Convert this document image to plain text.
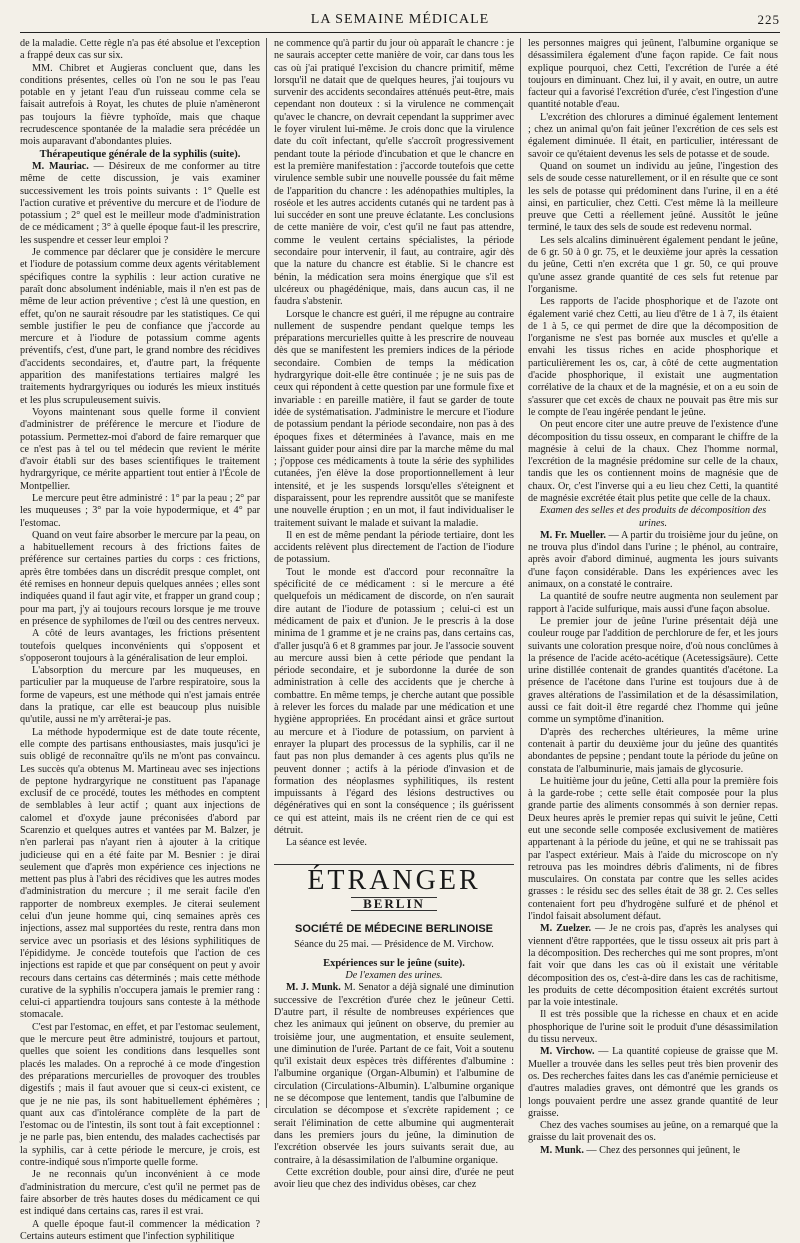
LA SEMAINE MÉDICALE	225

de la maladie. Cette règle n'a pas été absolue et l'exception a frappé deux cas sur six.

MM. Chibret et Augieras concluent que, dans les conditions présentes, celles où l'on ne sou le pas l'eau potable en y jetant l'eau d'un ruisseau comme cela se faisait autrefois à Royat, les chutes de pluie n'amèneront pas toujours la fièvre typhoïde, mais que chaque recrudescence spontanée de la maladie sera précédée un mois auparavant d'abondantes pluies.

Thérapeutique générale de la syphilis (suite).

M. Mauriac. — Désireux de me conformer au titre même de cette discussion, je vais examiner successivement les trois points suivants : 1° Quelle est l'action curative et préventive du mercure et de l'iodure de potassium ; 2° quel est le meilleur mode d'administration de ce médicament ; 3° à quelle époque faut-il les prescrire, les suspendre et cesser leur emploi ?

Je commence par déclarer que je considère le mercure et l'iodure de potassium comme deux agents véritablement spécifiques contre la syphilis : leur action curative ne paraît donc absolument indéniable, mais il n'en est pas de même de leur action préventive ; c'est là une question, en effet, qu'on ne saurait résoudre par les statistiques. Ce qui semble justifier le peu de confiance que j'accorde au mercure et à l'iodure de potassium comme agents préventifs, c'est, d'une part, le grand nombre des récidives d'accidents secondaires, et, d'autre part, la fréquente apparition des manifestations tertiaires malgré les traitements hydrargyriques ou iodurés les mieux institués et les plus scrupuleusement suivis.

Voyons maintenant sous quelle forme il convient d'administrer de préférence le mercure et l'iodure de potassium. Permettez-moi d'abord de faire remarquer que ce n'est pas à tel ou tel médecin que revient le mérite d'avoir établi sur des bases scientifiques le traitement hydrargyrique, ce mérite appartient tout entier à l'École de Montpellier.

Le mercure peut être administré : 1° par la peau ; 2° par les muqueuses ; 3° par la voie hypodermique, et 4° par l'estomac.

Quand on veut faire absorber le mercure par la peau, on a habituellement recours à des frictions faites de préférence sur certaines parties du corps : ces frictions, après être tombées dans un discrédit presque complet, ont été remises en honneur depuis quelques années ; elles sont indiquées quand il faut agir vite, et frapper un grand coup ; pour ma part, j'y ai toujours recours lorsque je me trouve en présence de syphilomes de l'œil ou des centres nerveux.

A côté de leurs avantages, les frictions présentent toutefois quelques inconvénients qui s'opposent et s'opposeront toujours à la généralisation de leur emploi.

L'absorption du mercure par les muqueuses, en particulier par la muqueuse de l'arbre respiratoire, sous la forme de vapeurs, est une méthode qui n'est jamais entrée dans la pratique, car elle est beaucoup plus nuisible qu'utile, aussi ne m'y arrêterai-je pas.

La méthode hypodermique est de date toute récente, elle compte des partisans enthousiastes, mais jusqu'ici je suis obligé de reconnaître qu'ils ne m'ont pas convaincu. Les succès qu'a obtenus M. Martineau avec ses injections de peptone hydrargyrique ne constituent pas l'apanage exclusif de ce procédé, toutes les méthodes en comptent de semblables à leur actif ; quant aux injections de calomel et d'oxyde jaune préconisées d'abord par Scarenzio et quelques autres et vantées par M. Balzer, je n'en parlerai pas n'ayant rien à ajouter à la critique judicieuse qui en a été faite par M. Besnier : je dirai seulement que d'après mon expérience ces injections ne mettent pas plus à l'abri des récidives que les autres modes d'administration du mercure ; il me serait facile d'en rapporter de nombreux exemples. Je citerai seulement celui d'un jeune homme qui, cinq semaines après ces injections, assez mal supportées du reste, rentra dans mon service avec un psoriasis et des lésions syphilitiques de l'épididyme. Je concède toutefois que l'action de ces injections est rapide et que par conséquent on peut y avoir recours dans certains cas déterminés ; mais cette méthode curative de la syphilis n'occupera jamais le premier rang : celui-ci appartiendra toujours sans conteste à la méthode stomacale.

C'est par l'estomac, en effet, et par l'estomac seulement, que le mercure peut être administré, toujours et partout, quelles que soient les conditions dans lesquelles sont placés les malades. On a reproché à ce mode d'ingestion des préparations mercurielles de provoquer des troubles digestifs ; mais il faut avouer que si ceux-ci existent, ce que je ne nie pas, ils sont habituellement éphémères ; quant aux cas d'intolérance complète de la part de l'estomac ou de l'intestin, ils sont tout à fait exceptionnel : je ne parle pas, bien entendu, des malades cachectisés par la syphilis, car à cette période le mercure, je crois, est contre-indiqué sous n'importe quelle forme.

Je ne reconnais qu'un inconvénient à ce mode d'administration du mercure, c'est qu'il ne permet pas de faire absorber de très hautes doses du médicament ce qui est indiqué dans certains cas, rares il est vrai.

A quelle époque faut-il commencer la médication ? Certains auteurs estiment que l'infection syphilitique

ne commence qu'à partir du jour où apparaît le chancre : je ne saurais accepter cette manière de voir, car dans tous les cas où j'ai pratiqué l'excision du chancre primitif, même lorsqu'il ne datait que de quelques heures, j'ai toujours vu survenir des accidents secondaires atténués peut-être, mais cependant non douteux : si la virulence ne commençait qu'avec le chancre, on devrait cependant la supprimer avec le foyer virulent lui-même. Je crois donc que la virulence date du coït infectant, qu'elle s'accroît progressivement pendant toute la période d'incubation et que le chancre en est la première manifestation : j'accorde toutefois que cette virulence semble subir une nouvelle poussée du fait même de l'apparition du chancre : les adénopathies multiples, la roséole et les autres accidents cutanés qui ne tardent pas à lui succéder en sont une preuve éclatante. Les conclusions de cette manière de voir, c'est qu'il ne faut pas attendre, comme le veulent certains spécialistes, la période secondaire pour intervenir, il faut, au contraire, agir dès que la nature du chancre est établie. Si le chancre est bénin, la médication sera moins énergique que s'il est ulcéreux ou phagédénique, mais, dans aucun cas, il ne faudra s'abstenir.

Lorsque le chancre est guéri, il me répugne au contraire nullement de suspendre pendant quelque temps les préparations mercurielles quitte à les prescrire de nouveau dès que se manifestent les premiers indices de la période secondaire. Combien de temps la médication hydrargyrique doit-elle être continuée ; je ne suis pas de ceux qui répondent à cette question par une formule fixe et invariable : en pareille matière, il faut se garder de toute idée de systématisation. J'administre le mercure et l'iodure de potassium pendant la période secondaire, non pas à des époques fixes et déterminées à l'avance, mais en me laissant guider pour ainsi dire par la marche même du mal ; j'oppose ces médicaments à toute la série des syphilides cutanées, j'en élève la dose proportionnellement à leur intensité, et je les suspends lorsqu'elles s'éteignent et disparaissent, pour les reprendre aussitôt que se manifeste une nouvelle éruption ; en un mot, il faut individualiser le traitement suivant le malade et suivant la maladie.

Il en est de même pendant la période tertiaire, dont les accidents relèvent plus directement de l'action de l'iodure de potassium.

Tout le monde est d'accord pour reconnaître la spécificité de ce médicament : si le mercure a été quelquefois un médicament de discorde, on n'en saurait dire autant de l'iodure de potassium ; celui-ci est un médicament de paix et d'union. Je le prescris à la dose minima de 1 gramme et je ne crains pas, dans certains cas, d'aller jusqu'à 6 et 8 grammes par jour. Je l'associe souvent au mercure aussi bien à cette période que pendant la période secondaire, et je subordonne la durée de son administration à celle des accidents que je cherche à combattre. En même temps, je cherche autant que possible à relever les forces du malade par une médication et une hygiène appropriées. En procédant ainsi et grâce surtout au mercure et à l'iodure de potassium, on parvient à enrayer la plupart des processus de la syphilis, car il ne faut pas non plus demander à ces agents plus qu'ils ne peuvent donner ; actifs à la période d'invasion et de formation des néoplasmes syphilitiques, ils restent impuissants à l'égard des lésions destructives ou dégénératives qui en sont la conséquence ; ils guérissent ce qui est atteint, mais ils ne créent rien de ce qui est détruit.

La séance est levée.

ÉTRANGER
BERLIN
SOCIÉTÉ DE MÉDECINE BERLINOISE
Séance du 25 mai. — Présidence de M. Virchow.

Expériences sur le jeûne (suite).

De l'examen des urines.

M. J. Munk. M. Senator a déjà signalé une diminution successive de l'excrétion d'urée chez le jeûneur Cetti. D'autre part, il résulte de nombreuses expériences que chez les animaux qui jeûnent on observe, du premier au troisième jour, une augmentation, et ensuite seulement, une diminution de l'urée. Partant de ce fait, Voit a soutenu qu'il existait deux espèces très différentes d'albumine : l'albumine organique (Organ-Albumin) et l'albumine de circulation (Circulations-Albumin). L'albumine organique ne se décompose que lentement, tandis que l'albumine de circulation se décompose et s'excrète rapidement ; ce serait l'élimination de cette albumine qui augmenterait dans les premiers jours du jeûne, la diminution de l'excrétion observée les jours suivants serait due, au contraire, à la désassimilation de l'albumine organique.

Cette excrétion double, pour ainsi dire, d'urée ne peut avoir lieu que chez des individus obèses, car chez

les personnes maigres qui jeûnent, l'albumine organique se désassimilera également d'une façon rapide. Ce fait nous explique pourquoi, chez Cetti, l'excrétion de l'urée a été toujours en diminuant. Chez lui, il y avait, en outre, un autre facteur qui a favorisé l'excrétion d'urée, c'est l'ingestion d'une quantité notable d'eau.

L'excrétion des chlorures a diminué également lentement ; chez un animal qu'on fait jeûner l'excrétion de ces sels est également diminuée. Il était, en particulier, intéressant de savoir ce qu'étaient devenus les sels de potasse et de soude.

Quand on soumet un individu au jeûne, l'ingestion des sels de soude cesse naturellement, or il en résulte que ce sont les sels de potasse qui prédominent dans l'urine, il en a été ainsi, en particulier, chez Cetti. C'est même là la meilleure preuve que Cetti a réellement jeûné. Aussitôt le jeûne terminé, le taux des sels de soude est redevenu normal.

Les sels alcalins diminuèrent également pendant le jeûne, de 6 gr. 50 à 0 gr. 75, et le deuxième jour après la cessation du jeûne, Cetti n'en excréta que 1 gr. 50, ce qui prouve qu'une assez grande quantité de ces sels fut retenue par l'organisme.

Les rapports de l'acide phosphorique et de l'azote ont également varié chez Cetti, au lieu d'être de 1 à 7, ils étaient de 1 à 5, ce qui permet de dire que la décomposition de l'organisme ne s'est pas bornée aux muscles et qu'elle a envahi les tissus riches en acide phosphorique et particulièrement les os, car, à côté de cette augmentation d'acide phosphorique, il existait une augmentation corrélative de la chaux et de la magnésie, et on a eu soin de s'assurer que cet excès de chaux ne pouvait pas être mis sur le compte de l'eau ingérée pendant le jeûne.

On peut encore citer une autre preuve de l'existence d'une décomposition du tissu osseux, en comparant le chiffre de la magnésie à celui de la chaux. Chez l'homme normal, l'excrétion de la magnésie prédomine sur celle de la chaux, tandis que les os contiennent moins de magnésie que de chaux. Or, c'est l'inverse qui a eu lieu chez Cetti, la quantité de magnésie excrétée était plus petite que celle de la chaux.

Examen des selles et des produits de décomposition des urines.

M. Fr. Mueller. — A partir du troisième jour du jeûne, on ne trouva plus d'indol dans l'urine ; le phénol, au contraire, après avoir d'abord diminué, augmenta les jours suivants d'une façon considérable. Dans les expériences avec les animaux, on a constaté le contraire.

La quantité de soufre neutre augmenta non seulement par rapport à l'acide sulfurique, mais aussi d'une façon absolue.

Le premier jour de jeûne l'urine présentait déjà une couleur rouge par l'addition de perchlorure de fer, et les jours suivants une coloration presque noire, d'où nous conclûmes à la présence de l'acide acéto-acétique (Acetessigsäure). Cette urine distillée contenait de grandes quantités d'acétone. La présence de l'acétone dans l'urine est toujours due à de graves altérations de l'assimilation et de la désassimilation, aussi ce fait doit-il être regardé chez l'homme qui jeûne comme un symptôme d'inanition.

D'après des recherches ultérieures, la même urine contenait à partir du deuxième jour du jeûne des quantités abondantes de pepsine ; pendant toute la période du jeûne on constata de l'albuminurie, mais jamais de glycosurie.

Le huitième jour du jeûne, Cetti alla pour la première fois à la garde-robe ; cette selle était composée pour la plus grande partie des aliments consommés à son dernier repas. Deux heures après le premier repas qui suivit le jeûne, Cetti eut une seconde selle composée exclusivement de matières appartenant à la période du jeûne, et qui ne se trahissait pas par l'aspect extérieur. Mais à l'aide du microscope on n'y retrouva pas les moindres débris d'aliments, ni de fibres musculaires. On constata par contre que les selles acides grasses : le résidu sec des selles était de 38 gr. 2. Ces selles contenaient fort peu d'hydrogène sulfuré et de phénol et l'indol faisait absolument défaut.

M. Zuelzer. — Je ne crois pas, d'après les analyses qui viennent d'être rapportées, que le tissu osseux ait pris part à la décomposition. Des recherches qui me sont propres, m'ont fait voir que dans les cas où il existait une véritable décomposition des os, c'est-à-dire dans les cas de rachitisme, les produits de cette décomposition étaient excrétés surtout par la voie intestinale.

Il est très possible que la richesse en chaux et en acide phosphorique de l'urine soit le produit d'une désassimilation du tissu nerveux.

M. Virchow. — La quantité copieuse de graisse que M. Mueller a trouvée dans les selles peut très bien provenir des os. Des recherches faites dans les cas d'anémie pernicieuse et d'autres maladies graves, ont démontré que les grands os longs pouvaient perdre une assez grande quantité de leur graisse.

Chez des vaches soumises au jeûne, on a remarqué que la graisse du lait provenait des os.

M. Munk. — Chez des personnes qui jeûnent, le
